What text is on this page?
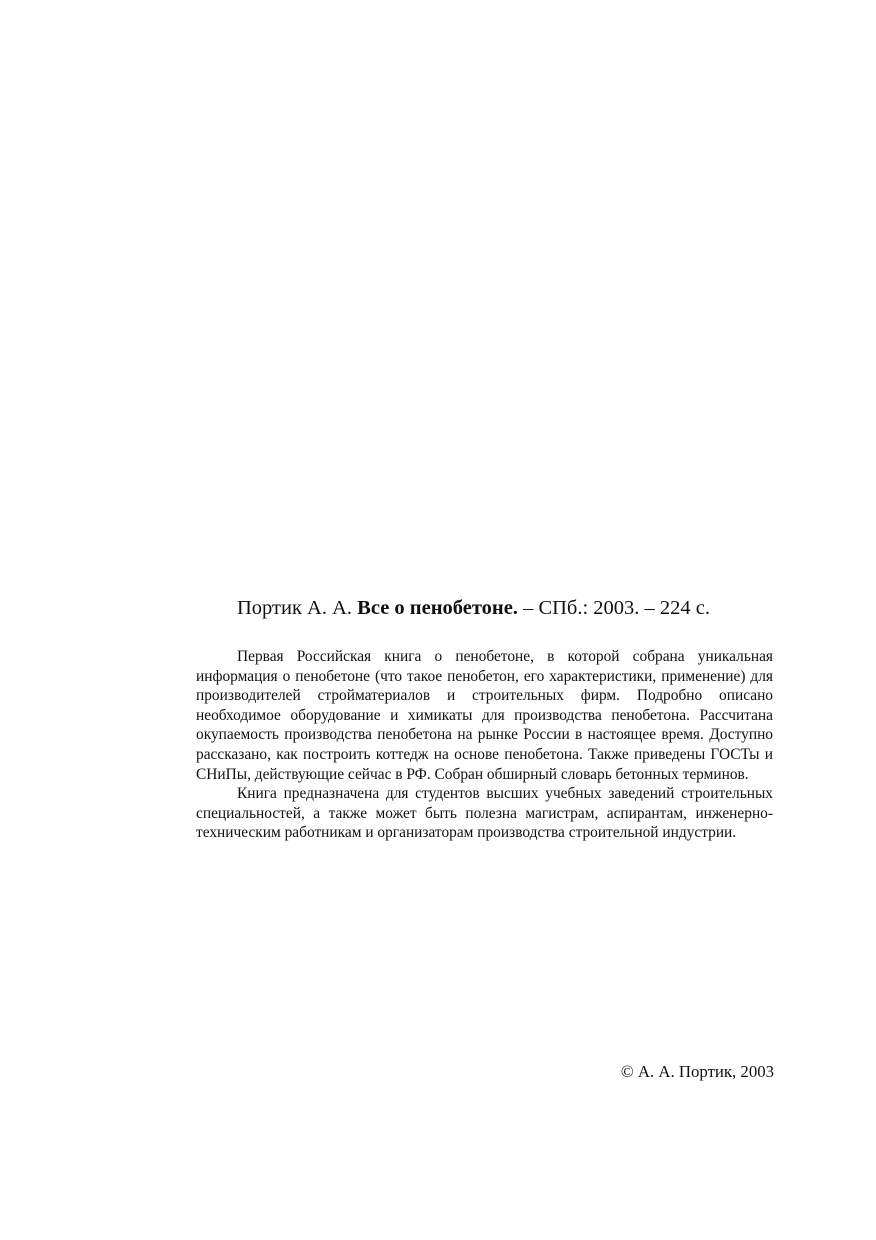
Портик А. А. Все о пенобетоне. – СПб.: 2003. – 224 с.

Первая Российская книга о пенобетоне, в которой собрана уникальная информация о пенобетоне (что такое пенобетон, его характеристики, применение) для производителей стройматериалов и строительных фирм. Подробно описано необходимое оборудование и химикаты для производства пенобетона. Рассчитана окупаемость производства пенобетона на рынке России в настоящее время. Доступно рассказано, как построить коттедж на основе пенобетона. Также приведены ГОСТы и СНиПы, действующие сейчас в РФ. Собран обширный словарь бетонных терминов.

Книга предназначена для студентов высших учебных заведений строительных специальностей, а также может быть полезна магистрам, аспирантам, инженерно-техническим работникам и организаторам производства строительной индустрии.

© А. А. Портик, 2003
